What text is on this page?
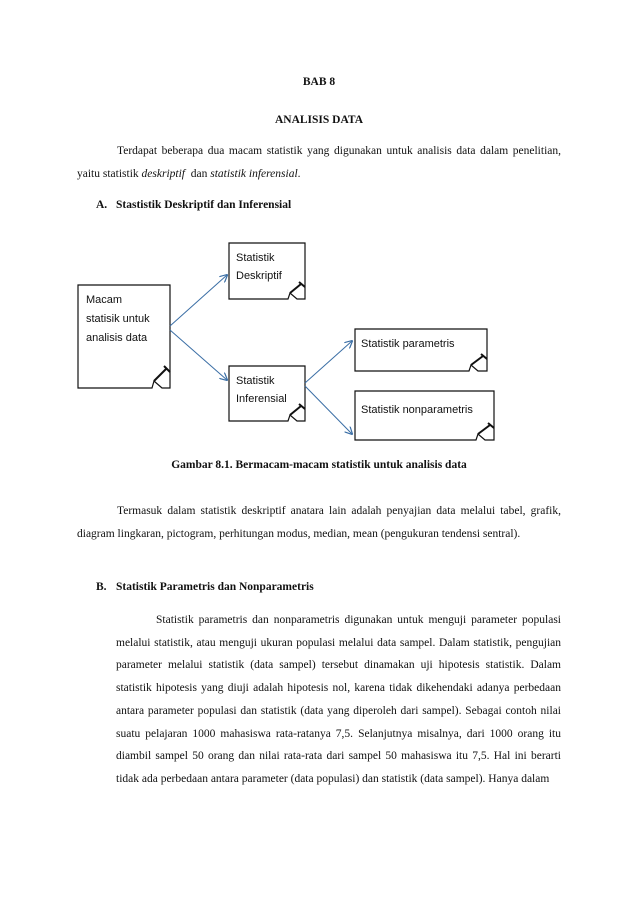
BAB 8
ANALISIS DATA

Terdapat beberapa dua macam statistik yang digunakan untuk analisis data dalam penelitian, yaitu statistik deskriptif  dan statistik inferensial.

A. Stastistik Deskriptif dan Inferensial

Macam
statisik untuk
analisis data
Statistik
Deskriptif
Statistik
Inferensial
Statistik parametris
Statistik nonparametris
Gambar 8.1. Bermacam-macam statistik untuk analisis data

Termasuk dalam statistik deskriptif anatara lain adalah penyajian data melalui tabel, grafik, diagram lingkaran, pictogram, perhitungan modus, median, mean (pengukuran tendensi sentral).

B. Statistik Parametris dan Nonparametris

Statistik parametris dan nonparametris digunakan untuk menguji parameter populasi melalui statistik, atau menguji ukuran populasi melalui data sampel. Dalam statistik, pengujian parameter melalui statistik (data sampel) tersebut dinamakan uji hipotesis statistik. Dalam statistik hipotesis yang diuji adalah hipotesis nol, karena tidak dikehendaki adanya perbedaan antara parameter populasi dan statistik (data yang diperoleh dari sampel). Sebagai contoh nilai suatu pelajaran 1000 mahasiswa rata-ratanya 7,5. Selanjutnya misalnya, dari 1000 orang itu diambil sampel 50 orang dan nilai rata-rata dari sampel 50 mahasiswa itu 7,5. Hal ini berarti tidak ada perbedaan antara parameter (data populasi) dan statistik (data sampel). Hanya dalam
